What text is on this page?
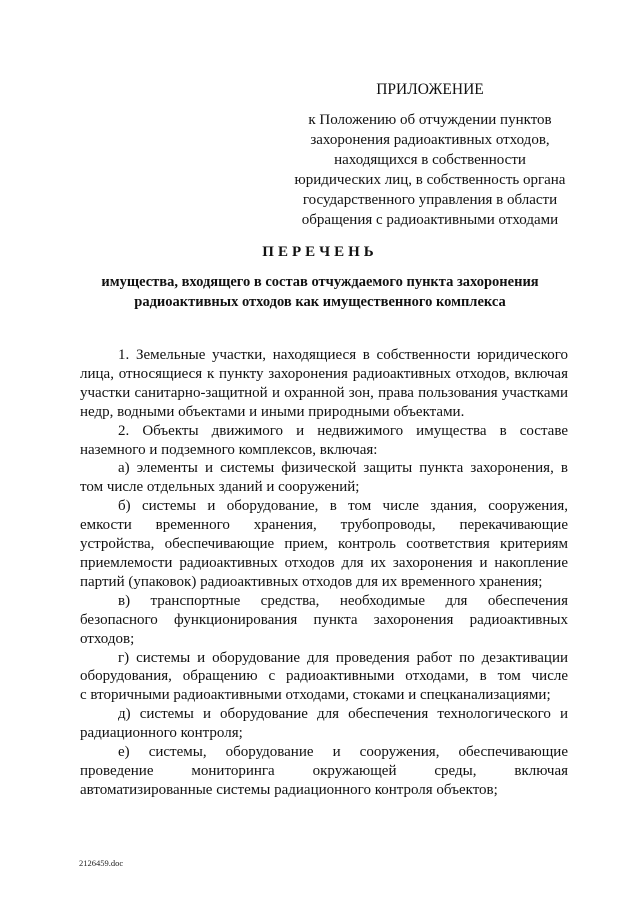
ПРИЛОЖЕНИЕ
к Положению об отчуждении пунктов
захоронения радиоактивных отходов,
находящихся в собственности
юридических лиц, в собственность органа
государственного управления в области
обращения с радиоактивными отходами
ПЕРЕЧЕНЬ
имущества, входящего в состав отчуждаемого пункта захоронения
радиоактивных отходов как имущественного комплекса
1. Земельные участки, находящиеся в собственности юридического
лица, относящиеся к пункту захоронения радиоактивных отходов, включая
участки санитарно-защитной и охранной зон, права пользования участками
недр, водными объектами и иными природными объектами.
2. Объекты движимого и недвижимого имущества в составе
наземного и подземного комплексов, включая:
а) элементы и системы физической защиты пункта захоронения, в
том числе отдельных зданий и сооружений;
б) системы и оборудование, в том числе здания, сооружения,
емкости временного хранения, трубопроводы, перекачивающие
устройства, обеспечивающие прием, контроль соответствия критериям
приемлемости радиоактивных отходов для их захоронения и накопление
партий (упаковок) радиоактивных отходов для их временного хранения;
в) транспортные средства, необходимые для обеспечения
безопасного функционирования пункта захоронения радиоактивных
отходов;
г) системы и оборудование для проведения работ по дезактивации
оборудования, обращению с радиоактивными отходами, в том числе
с вторичными радиоактивными отходами, стоками и спецканализациями;
д) системы и оборудование для обеспечения технологического и
радиационного контроля;
е) системы, оборудование и сооружения, обеспечивающие
проведение мониторинга окружающей среды, включая
автоматизированные системы радиационного контроля объектов;
2126459.doc
